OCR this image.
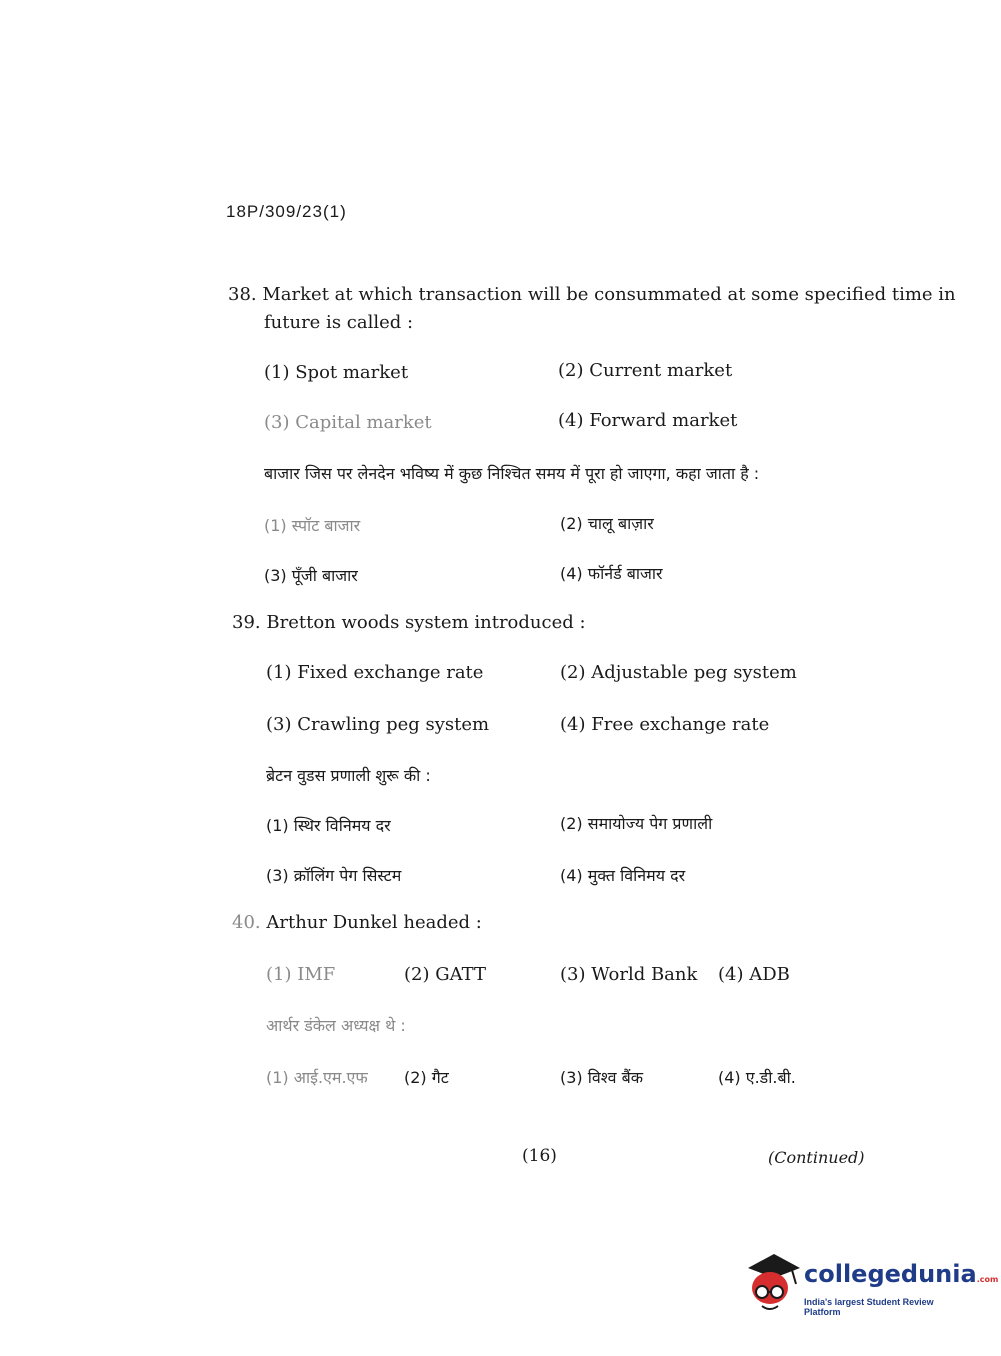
18P/309/23(1)
38. Market at which transaction will be consummated at some specified time in
future is called :
(1) Spot market	(2) Current market
(3) Capital market	(4) Forward market
बाजार जिस पर लेनदेन भविष्य में कुछ निश्चित समय में पूरा हो जाएगा, कहा जाता है :
(1) स्पॉट बाजार	(2) चालू बाज़ार
(3) पूँजी बाजार	(4) फॉर्नर्ड बाजार
39. Bretton woods system introduced :
(1) Fixed exchange rate	(2) Adjustable peg system
(3) Crawling peg system	(4) Free exchange rate
ब्रेटन वुडस प्रणाली शुरू की :
(1) स्थिर विनिमय दर	(2) समायोज्य पेग प्रणाली
(3) क्रॉलिंग पेग सिस्टम	(4) मुक्त विनिमय दर
40. Arthur Dunkel headed :
(1) IMF	(2) GATT	(3) World Bank (4) ADB
आर्थर डंकेल अध्यक्ष थे :
(1) आई.एम.एफ (2) गैट	(3) विश्व बैंक	(4) ए.डी.बी.
(16)	(Continued)
collegedunia.com
India's largest Student Review Platform
